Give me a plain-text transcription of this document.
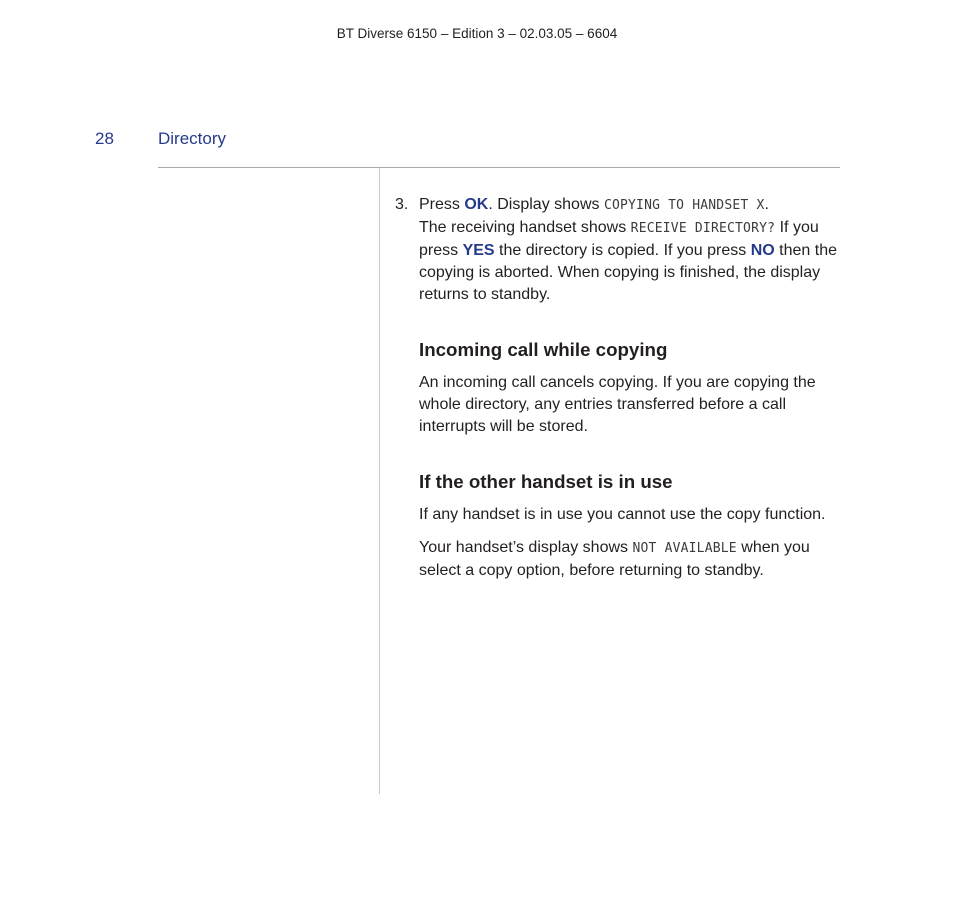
BT Diverse 6150 – Edition 3 – 02.03.05 – 6604
28	Directory

3. Press OK. Display shows COPYING TO HANDSET X.
The receiving handset shows RECEIVE DIRECTORY? If you press YES the directory is copied. If you press NO then the copying is aborted. When copying is finished, the display returns to standby.

Incoming call while copying

An incoming call cancels copying. If you are copying the whole directory, any entries transferred before a call interrupts will be stored.

If the other handset is in use

If any handset is in use you cannot use the copy function.

Your handset’s display shows NOT AVAILABLE when you select a copy option, before returning to standby.
